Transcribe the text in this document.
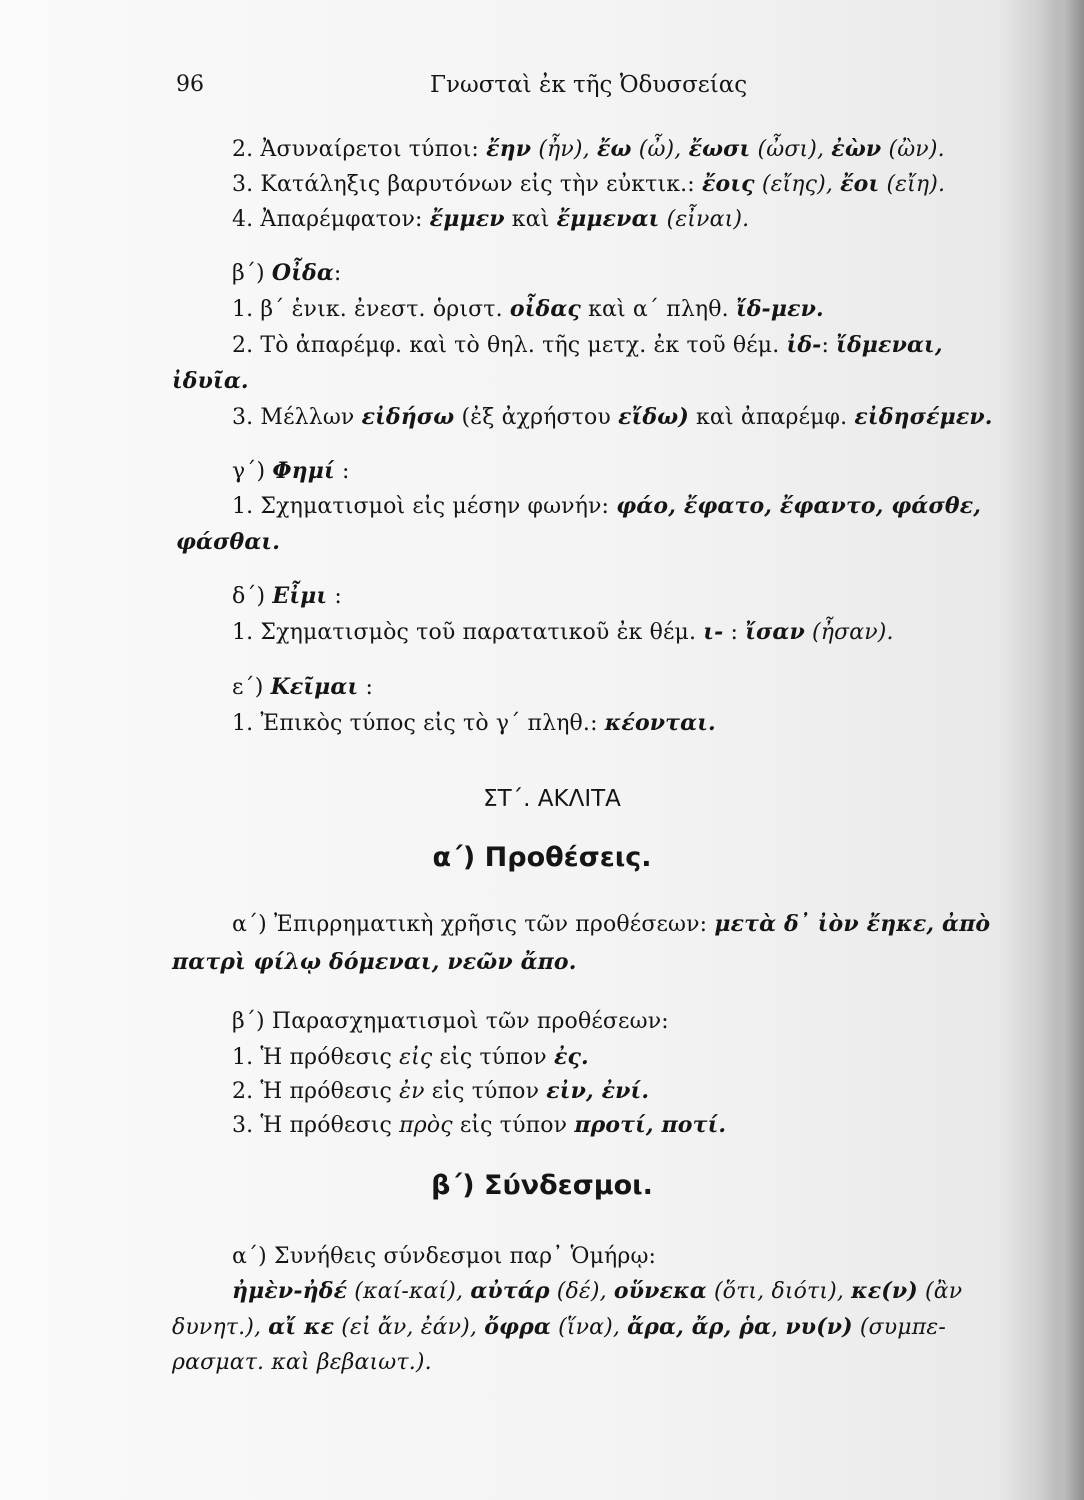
96	Γνωσταὶ ἐκ τῆς Ὀδυσσείας
2. Ἀσυναίρετοι τύποι: ἔην (ἦν), ἔω (ὦ), ἔωσι (ὦσι), ἐὼν (ὢν).
3. Κατάληξις βαρυτόνων εἰς τὴν εὐκτικ.: ἔοις (εἴης), ἔοι (εἴη).
4. Ἀπαρέμφατον: ἔμμεν καὶ ἔμμεναι (εἶναι).
β΄) Οἶδα:
1. β΄ ἑνικ. ἐνεστ. ὁριστ. οἶδας καὶ α΄ πληθ. ἴδ-μεν.
2. Τὸ ἀπαρέμφ. καὶ τὸ θηλ. τῆς μετχ. ἐκ τοῦ θέμ. ἰδ-: ἴδμεναι,
ἰδυῖα.
3. Μέλλων εἰδήσω (ἐξ ἀχρήστου εἴδω) καὶ ἀπαρέμφ. εἰδησέμεν.
γ΄) Φημί :
1. Σχηματισμοὶ εἰς μέσην φωνήν: φάο, ἔφατο, ἔφαντο, φάσθε,
φάσθαι.
δ΄) Εἶμι :
1. Σχηματισμὸς τοῦ παρατατικοῦ ἐκ θέμ. ι- : ἴσαν (ἦσαν).
ε΄) Κεῖμαι :
1. Ἐπικὸς τύπος εἰς τὸ γ΄ πληθ.: κέονται.
ΣΤ΄. ΑΚΛΙΤΑ
α΄) Προθέσεις.
α΄) Ἐπιρρηματικὴ χρῆσις τῶν προθέσεων: μετὰ δ᾽ ἰὸν ἔηκε, ἀπὸ
πατρὶ φίλῳ δόμεναι, νεῶν ἄπο.
β΄) Παρασχηματισμοὶ τῶν προθέσεων:
1. Ἡ πρόθεσις εἰς εἰς τύπον ἐς.
2. Ἡ πρόθεσις ἐν εἰς τύπον εἰν, ἐνί.
3. Ἡ πρόθεσις πρὸς εἰς τύπον προτί, ποτί.
β΄) Σύνδεσμοι.
α΄) Συνήθεις σύνδεσμοι παρ᾽ Ὁμήρῳ:
ἠμὲν-ἠδέ (καί-καί), αὐτάρ (δέ), οὕνεκα (ὅτι, διότι), κε(ν) (ἂν
δυνητ.), αἴ κε (εἰ ἄν, ἐάν), ὄφρα (ἵνα), ἄρα, ἄρ, ῥα, νυ(ν) (συμπε-
ρασματ. καὶ βεβαιωτ.).
